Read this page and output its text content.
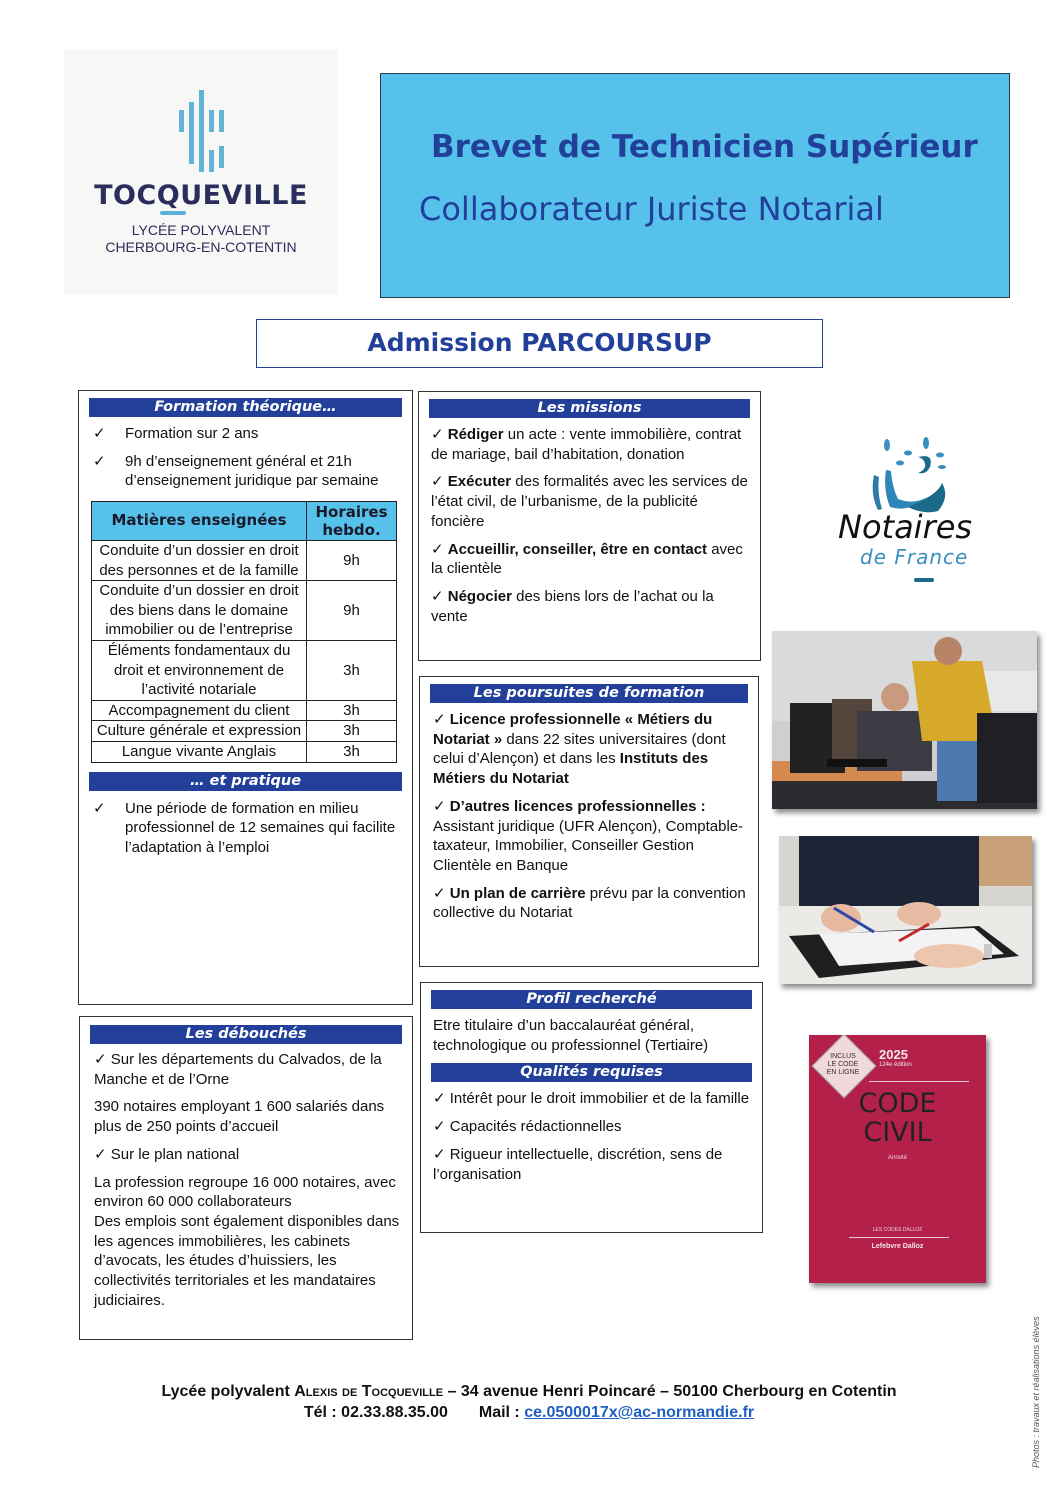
TOCQUEVILLE
LYCÉE POLYVALENT
CHERBOURG-EN-COTENTIN
Brevet de Technicien Supérieur
Collaborateur Juriste Notarial
Admission PARCOURSUP
Formation théorique…
✓	Formation sur 2 ans
✓	9h d’enseignement général et 21h d’enseignement juridique par semaine
Matières enseignées	Horaires hebdo.
Conduite d’un dossier en droit des personnes et de la famille	9h
Conduite d’un dossier en droit des biens dans le domaine immobilier ou de l’entreprise	9h
Éléments fondamentaux du droit et environnement de l’activité notariale	3h
Accompagnement du client	3h
Culture générale et expression	3h
Langue vivante Anglais	3h
… et pratique
✓	Une période de formation en milieu professionnel de 12 semaines qui facilite l’adaptation à l’emploi
Les débouchés
✓ Sur les départements du Calvados, de la Manche et de l’Orne
390 notaires employant 1 600 salariés dans plus de 250 points d’accueil
✓ Sur le plan national
La profession regroupe 16 000 notaires, avec environ 60 000 collaborateurs
Des emplois sont également disponibles dans les agences immobilières, les cabinets d’avocats, les études d’huissiers, les collectivités territoriales et les mandataires judiciaires.
Les missions
✓ Rédiger un acte : vente immobilière, contrat de mariage, bail d’habitation, donation
✓ Exécuter des formalités avec les services de l’état civil, de l’urbanisme, de la publicité foncière
✓ Accueillir, conseiller, être en contact avec la clientèle
✓ Négocier des biens lors de l’achat ou la vente
Les poursuites de formation
✓ Licence professionnelle « Métiers du Notariat » dans 22 sites universitaires (dont celui d’Alençon) et dans les Instituts des Métiers du Notariat
✓ D’autres licences professionnelles : Assistant juridique (UFR Alençon), Comptable-taxateur, Immobilier, Conseiller Gestion Clientèle en Banque
✓ Un plan de carrière prévu par la convention collective du Notariat
Profil recherché
Etre titulaire d’un baccalauréat général, technologique ou professionnel (Tertiaire)
Qualités requises
✓ Intérêt pour le droit immobilier et de la famille
✓ Capacités rédactionnelles
✓ Rigueur intellectuelle, discrétion, sens de l’organisation
Notaires
de France
2025
124e édition
INCLUS
LE CODE
EN LIGNE
CODE
CIVIL
Annoté
LES CODES DALLOZ
Lefebvre Dalloz
Lycée polyvalent Alexis de Tocqueville – 34 avenue Henri Poincaré – 50100 Cherbourg en Cotentin
Tél : 02.33.88.35.00 Mail : ce.0500017x@ac-normandie.fr	Photos : travaux et réalisations élèves
